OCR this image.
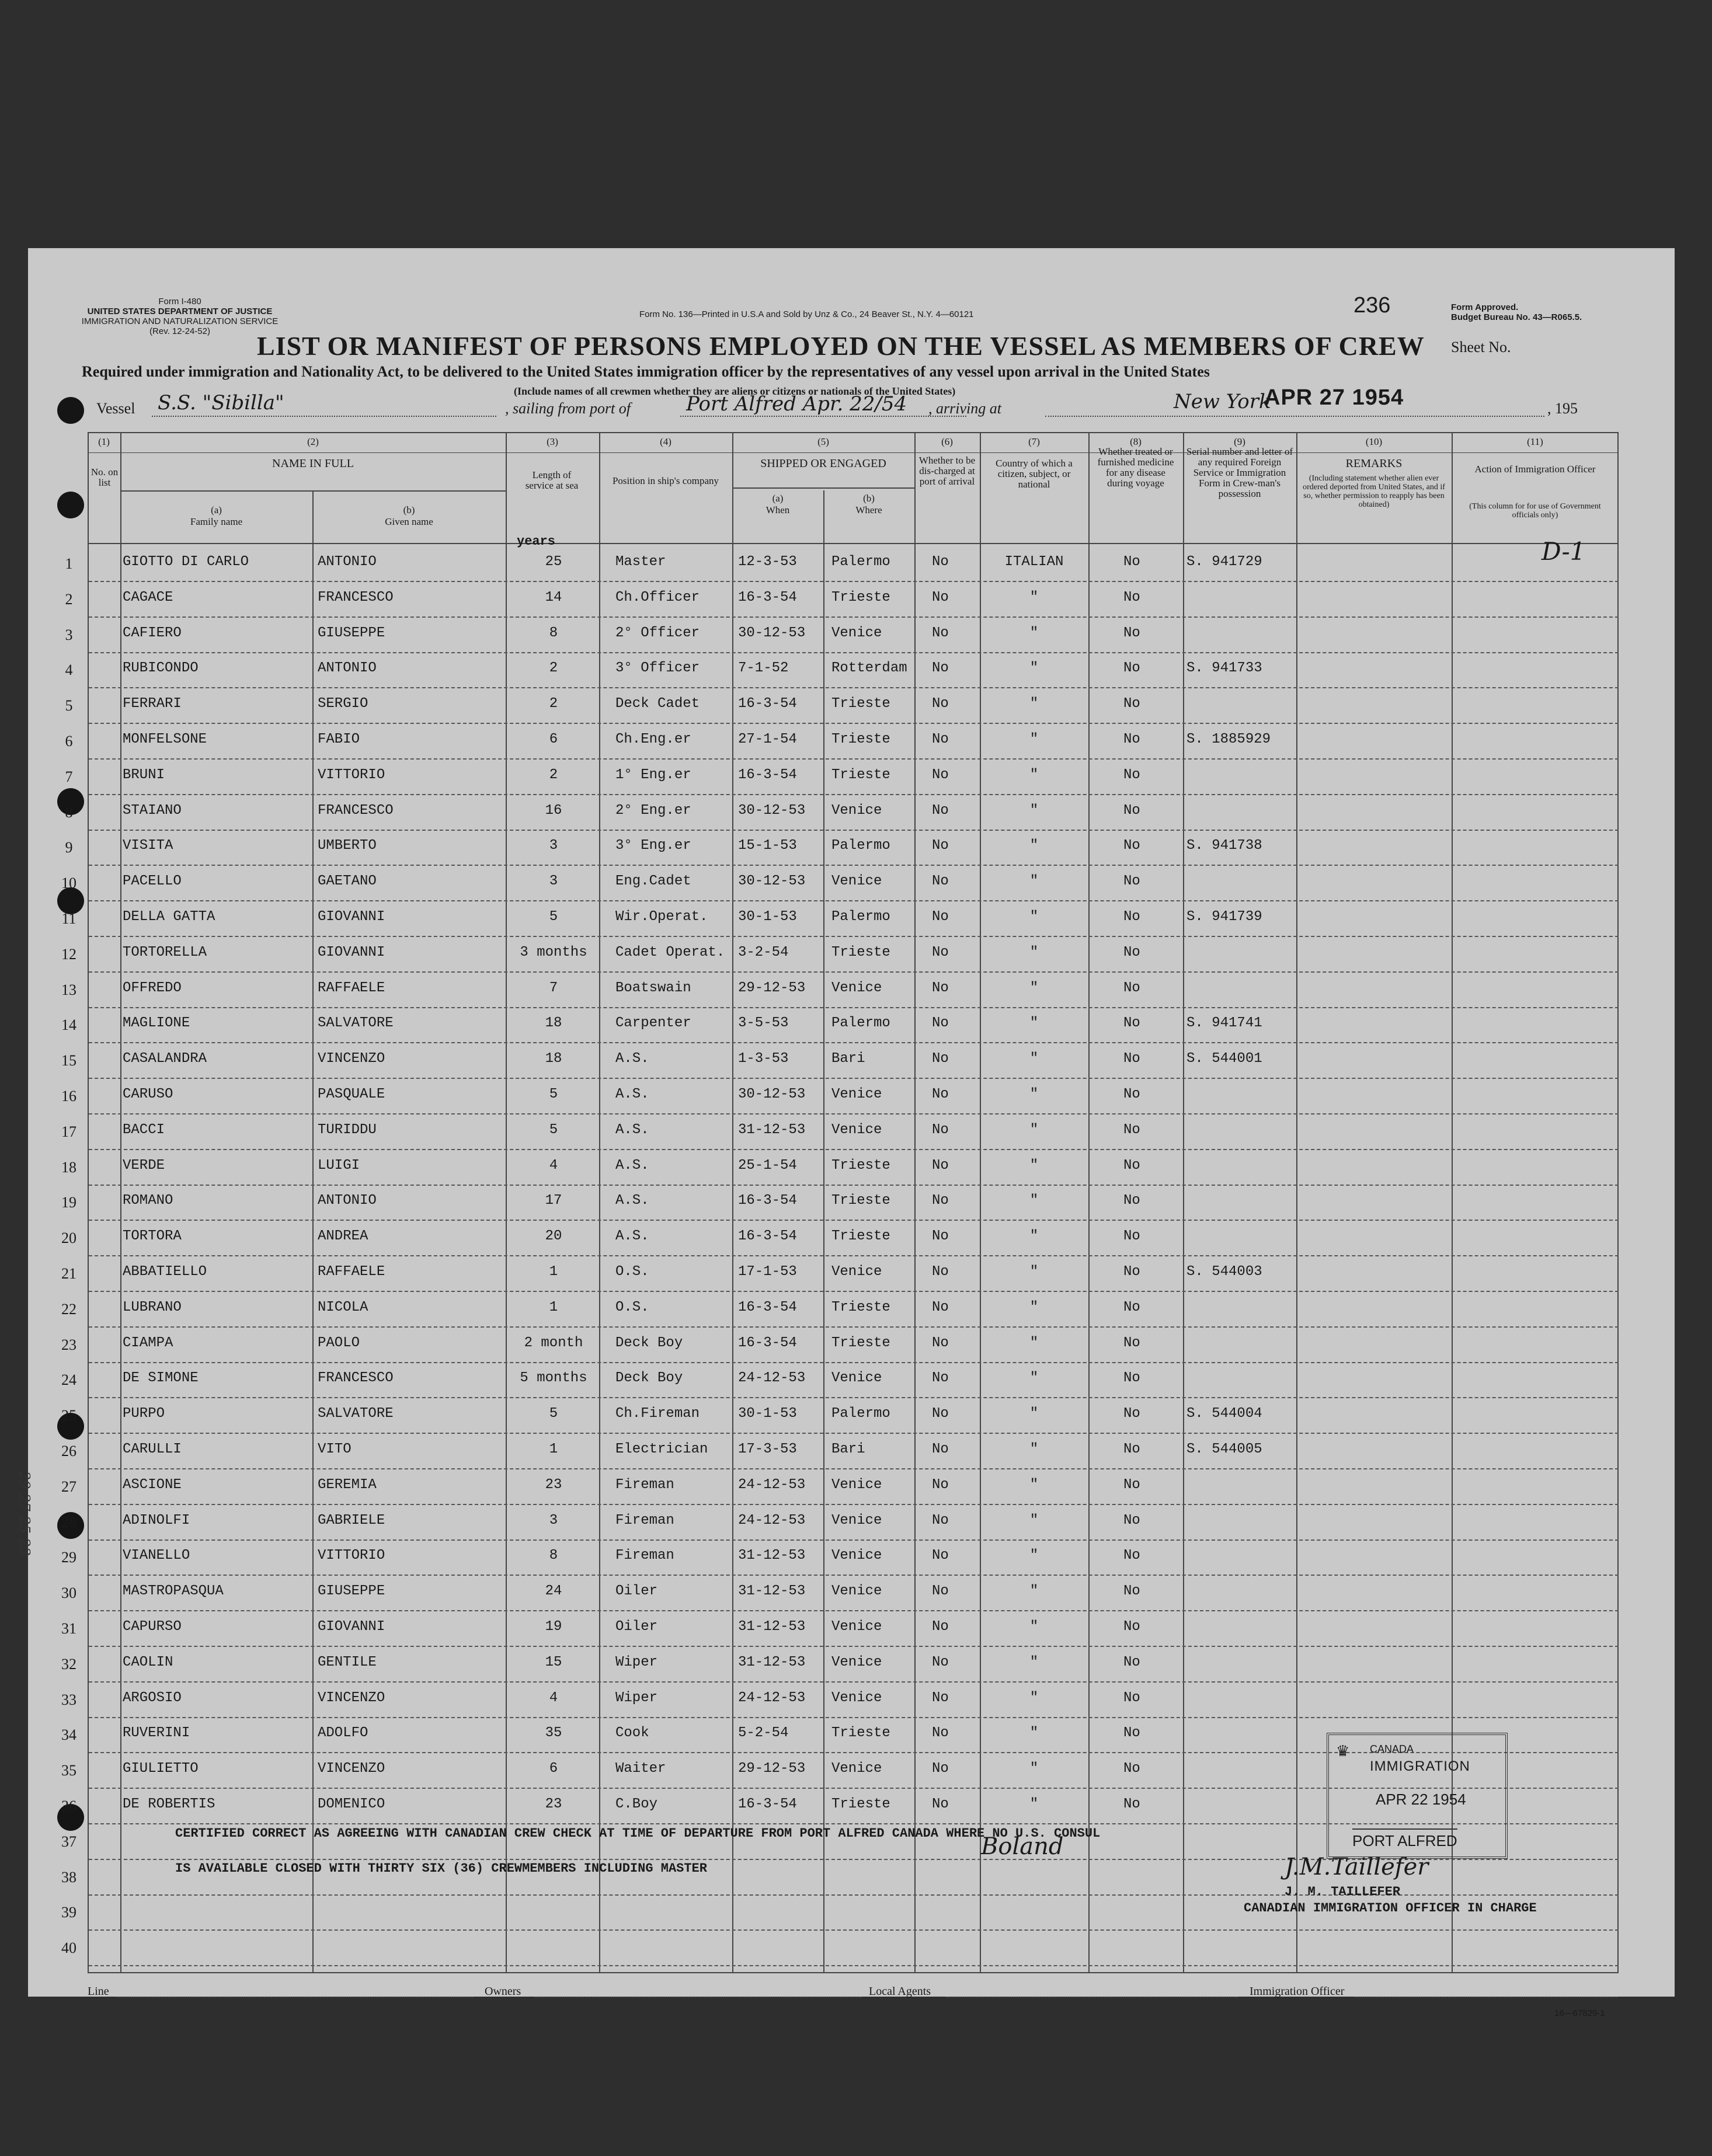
Form I-480
UNITED STATES DEPARTMENT OF JUSTICE
IMMIGRATION AND NATURALIZATION SERVICE
(Rev. 12-24-52)
Form No. 136—Printed in U.S.A and Sold by Unz & Co., 24 Beaver St., N.Y. 4—60121	236	Form Approved.
Budget Bureau No. 43—R065.5.
LIST OR MANIFEST OF PERSONS EMPLOYED ON THE VESSEL AS MEMBERS OF CREW Sheet No.
Required under immigration and Nationality Act, to be delivered to the United States immigration officer by the representatives of any vessel upon arrival in the United States
(Include names of all crewmen whether they are aliens or citizens or nationals of the United States)
Vessel S.S. "Sibilla"	, sailing from port of	Port Alfred Apr. 22/54 , arriving at	New York
APR 27 1954	, 195
(1)	(2)	(3)	(4)	(5)	(6)	(7)	(8)	(9)	(10)	(11)
No. on list
NAME IN FULL
(a)
Family name
(b)
Given name
Length of service at sea	Position in ship's company
SHIPPED OR ENGAGED
(a)
When
(b)
Where
Whether to be dis-charged at port of arrival
Country of which a citizen, subject, or national
Whether treated or furnished medicine for any disease during voyage
Serial number and letter of any required Foreign Service or Immigration Form in Crew-man's possession
REMARKS
(Including statement whether alien ever ordered deported from United States, and if so, whether permission to reapply has been obtained)
Action of Immigration Officer
(This column for for use of Government officials only)
years
1	GIOTTO DI CARLO	ANTONIO	25	Master	12-3-53 Palermo	No	ITALIAN	No	S. 941729
2	CAGACE	FRANCESCO	14	Ch.Officer	16-3-54 Trieste	No	"	No
3	CAFIERO	GIUSEPPE	8	2° Officer	30-12-53 Venice	No	"	No
4	RUBICONDO	ANTONIO	2	3° Officer	7-1-52	Rotterdam No	"	No	S. 941733
5	FERRARI	SERGIO	2	Deck Cadet	16-3-54 Trieste	No	"	No
6	MONFELSONE	FABIO	6	Ch.Eng.er	27-1-54 Trieste	No	"	No	S. 1885929
7	BRUNI	VITTORIO	2	1° Eng.er	16-3-54 Trieste	No	"	No
8	STAIANO	FRANCESCO	16	2° Eng.er	30-12-53 Venice	No	"	No
9	VISITA	UMBERTO	3	3° Eng.er	15-1-53 Palermo	No	"	No	S. 941738
10	PACELLO	GAETANO	3	Eng.Cadet	30-12-53 Venice	No	"	No
11	DELLA GATTA	GIOVANNI	5	Wir.Operat. 30-1-53 Palermo	No	"	No	S. 941739
12	TORTORELLA	GIOVANNI	3 months	Cadet Operat. 3-2-54	Trieste	No	"	No
13	OFFREDO	RAFFAELE	7	Boatswain	29-12-53 Venice	No	"	No
14	MAGLIONE	SALVATORE	18	Carpenter	3-5-53	Palermo	No	"	No	S. 941741
15	CASALANDRA	VINCENZO	18	A.S.	1-3-53	Bari	No	"	No	S. 544001
16	CARUSO	PASQUALE	5	A.S.	30-12-53 Venice	No	"	No
17	BACCI	TURIDDU	5	A.S.	31-12-53 Venice	No	"	No
18	VERDE	LUIGI	4	A.S.	25-1-54 Trieste	No	"	No
19	ROMANO	ANTONIO	17	A.S.	16-3-54 Trieste	No	"	No
20	TORTORA	ANDREA	20	A.S.	16-3-54 Trieste	No	"	No
21	ABBATIELLO	RAFFAELE	1	O.S.	17-1-53 Venice	No	"	No	S. 544003
22	LUBRANO	NICOLA	1	O.S.	16-3-54 Trieste	No	"	No
23	CIAMPA	PAOLO	2 month	Deck Boy	16-3-54 Trieste	No	"	No
24	DE SIMONE	FRANCESCO	5 months	Deck Boy	24-12-53 Venice	No	"	No
25	PURPO	SALVATORE	5	Ch.Fireman	30-1-53 Palermo	No	"	No	S. 544004
26	CARULLI	VITO	1	Electrician 17-3-53 Bari	No	"	No	S. 544005
27	ASCIONE	GEREMIA	23	Fireman	24-12-53 Venice	No	"	No
28	ADINOLFI	GABRIELE	3	Fireman	24-12-53 Venice	No	"	No
29	VIANELLO	VITTORIO	8	Fireman	31-12-53 Venice	No	"	No
30	MASTROPASQUA	GIUSEPPE	24	Oiler	31-12-53 Venice	No	"	No
31	CAPURSO	GIOVANNI	19	Oiler	31-12-53 Venice	No	"	No
32	CAOLIN	GENTILE	15	Wiper	31-12-53 Venice	No	"	No
33	ARGOSIO	VINCENZO	4	Wiper	24-12-53 Venice	No	"	No
34	RUVERINI	ADOLFO	35	Cook	5-2-54	Trieste	No	"	No
35	GIULIETTO	VINCENZO	6	Waiter	29-12-53 Venice	No	"	No
36	DE ROBERTIS	DOMENICO	23	C.Boy	16-3-54 Trieste	No	"	No
37
38
39
40
CERTIFIED CORRECT AS AGREEING WITH CANADIAN CREW CHECK AT TIME OF DEPARTURE FROM PORT ALFRED CANADA WHERE NO U.S. CONSUL
IS AVAILABLE CLOSED WITH THIRTY SIX (36) CREWMEMBERS INCLUDING MASTER
Boland
J.M.Taillefer
J. M. TAILLEFER
CANADIAN IMMIGRATION OFFICER IN CHARGE
D-1
♛ CANADA
IMMIGRATION
APR 22 1954
PORT ALFRED
29 27 25 23
Line	Owners	Local Agents	Immigration Officer
16—67829-1
